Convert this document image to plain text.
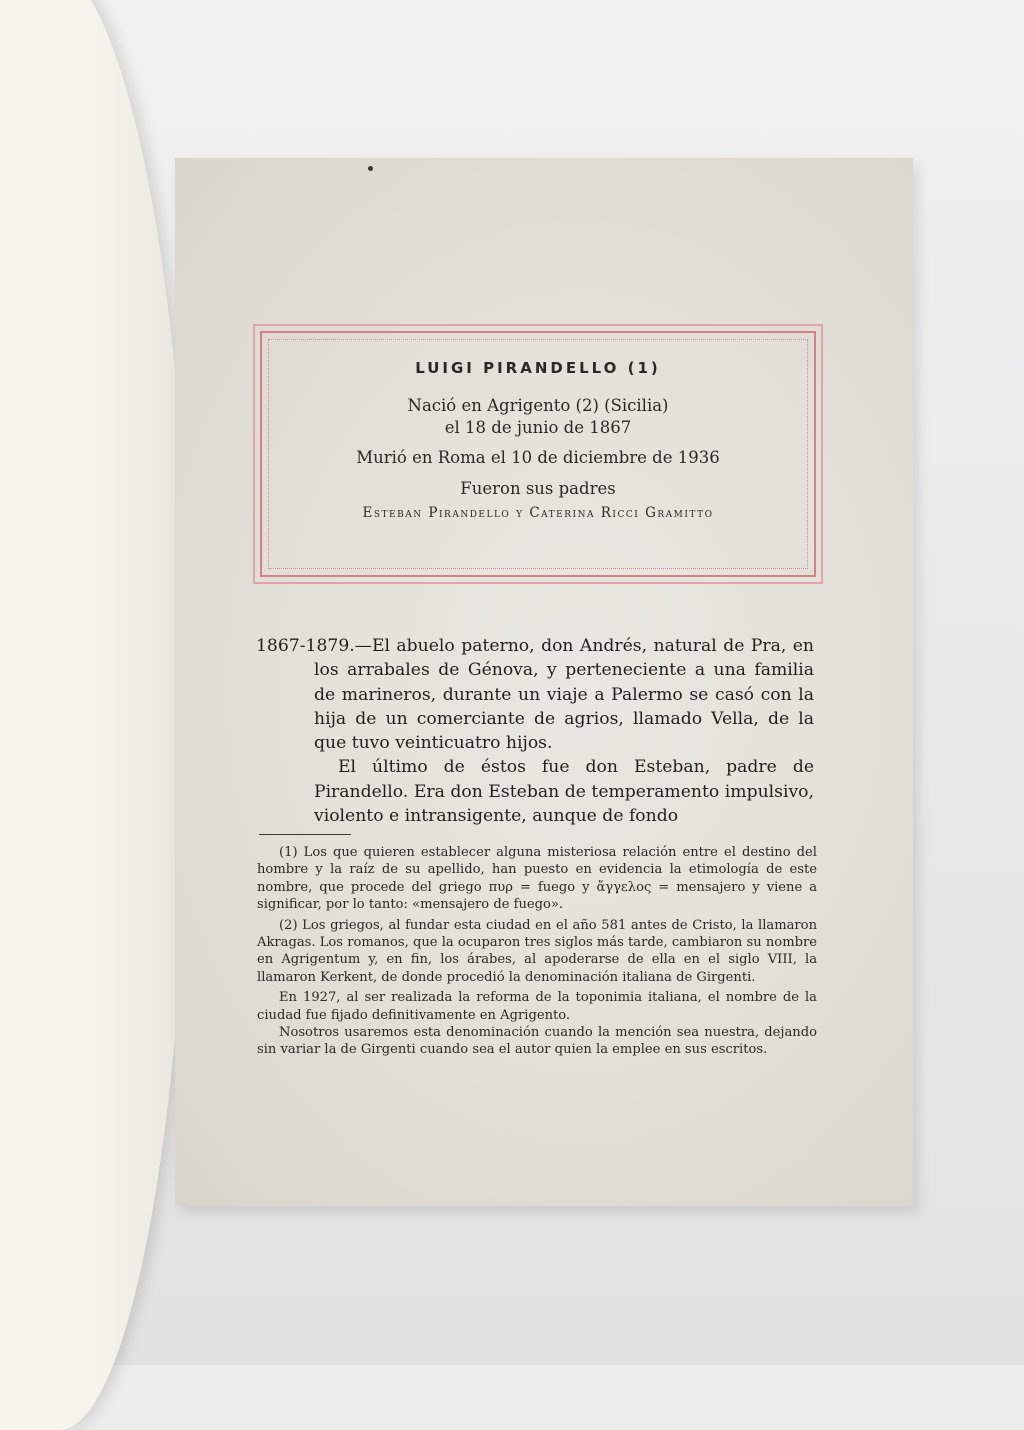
LUIGI PIRANDELLO (1)
Nació en Agrigento (2) (Sicilia)
el 18 de junio de 1867
Murió en Roma el 10 de diciembre de 1936
Fueron sus padres
Esteban Pirandello y Caterina Ricci Gramitto

1867-1879.—El abuelo paterno, don Andrés, natural de Pra, en los arrabales de Génova, y perteneciente a una familia de marineros, durante un viaje a Palermo se casó con la hija de un comerciante de agrios, llamado Vella, de la que tuvo veinticuatro hijos.

El último de éstos fue don Esteban, padre de Pirandello. Era don Esteban de temperamento impulsivo, violento e intransigente, aunque de fondo

(1) Los que quieren establecer alguna misteriosa relación entre el destino del hombre y la raíz de su apellido, han puesto en evidencia la etimología de este nombre, que procede del griego πυρ = fuego y ἄγγελος = mensajero y viene a significar, por lo tanto: «mensajero de fuego».

(2) Los griegos, al fundar esta ciudad en el año 581 antes de Cristo, la llamaron Akragas. Los romanos, que la ocuparon tres siglos más tarde, cambiaron su nombre en Agrigentum y, en fin, los árabes, al apoderarse de ella en el siglo VIII, la llamaron Kerkent, de donde procedió la denominación italiana de Girgenti.

En 1927, al ser realizada la reforma de la toponimia italiana, el nombre de la ciudad fue fijado definitivamente en Agrigento.

Nosotros usaremos esta denominación cuando la mención sea nuestra, dejando sin variar la de Girgenti cuando sea el autor quien la emplee en sus escritos.
